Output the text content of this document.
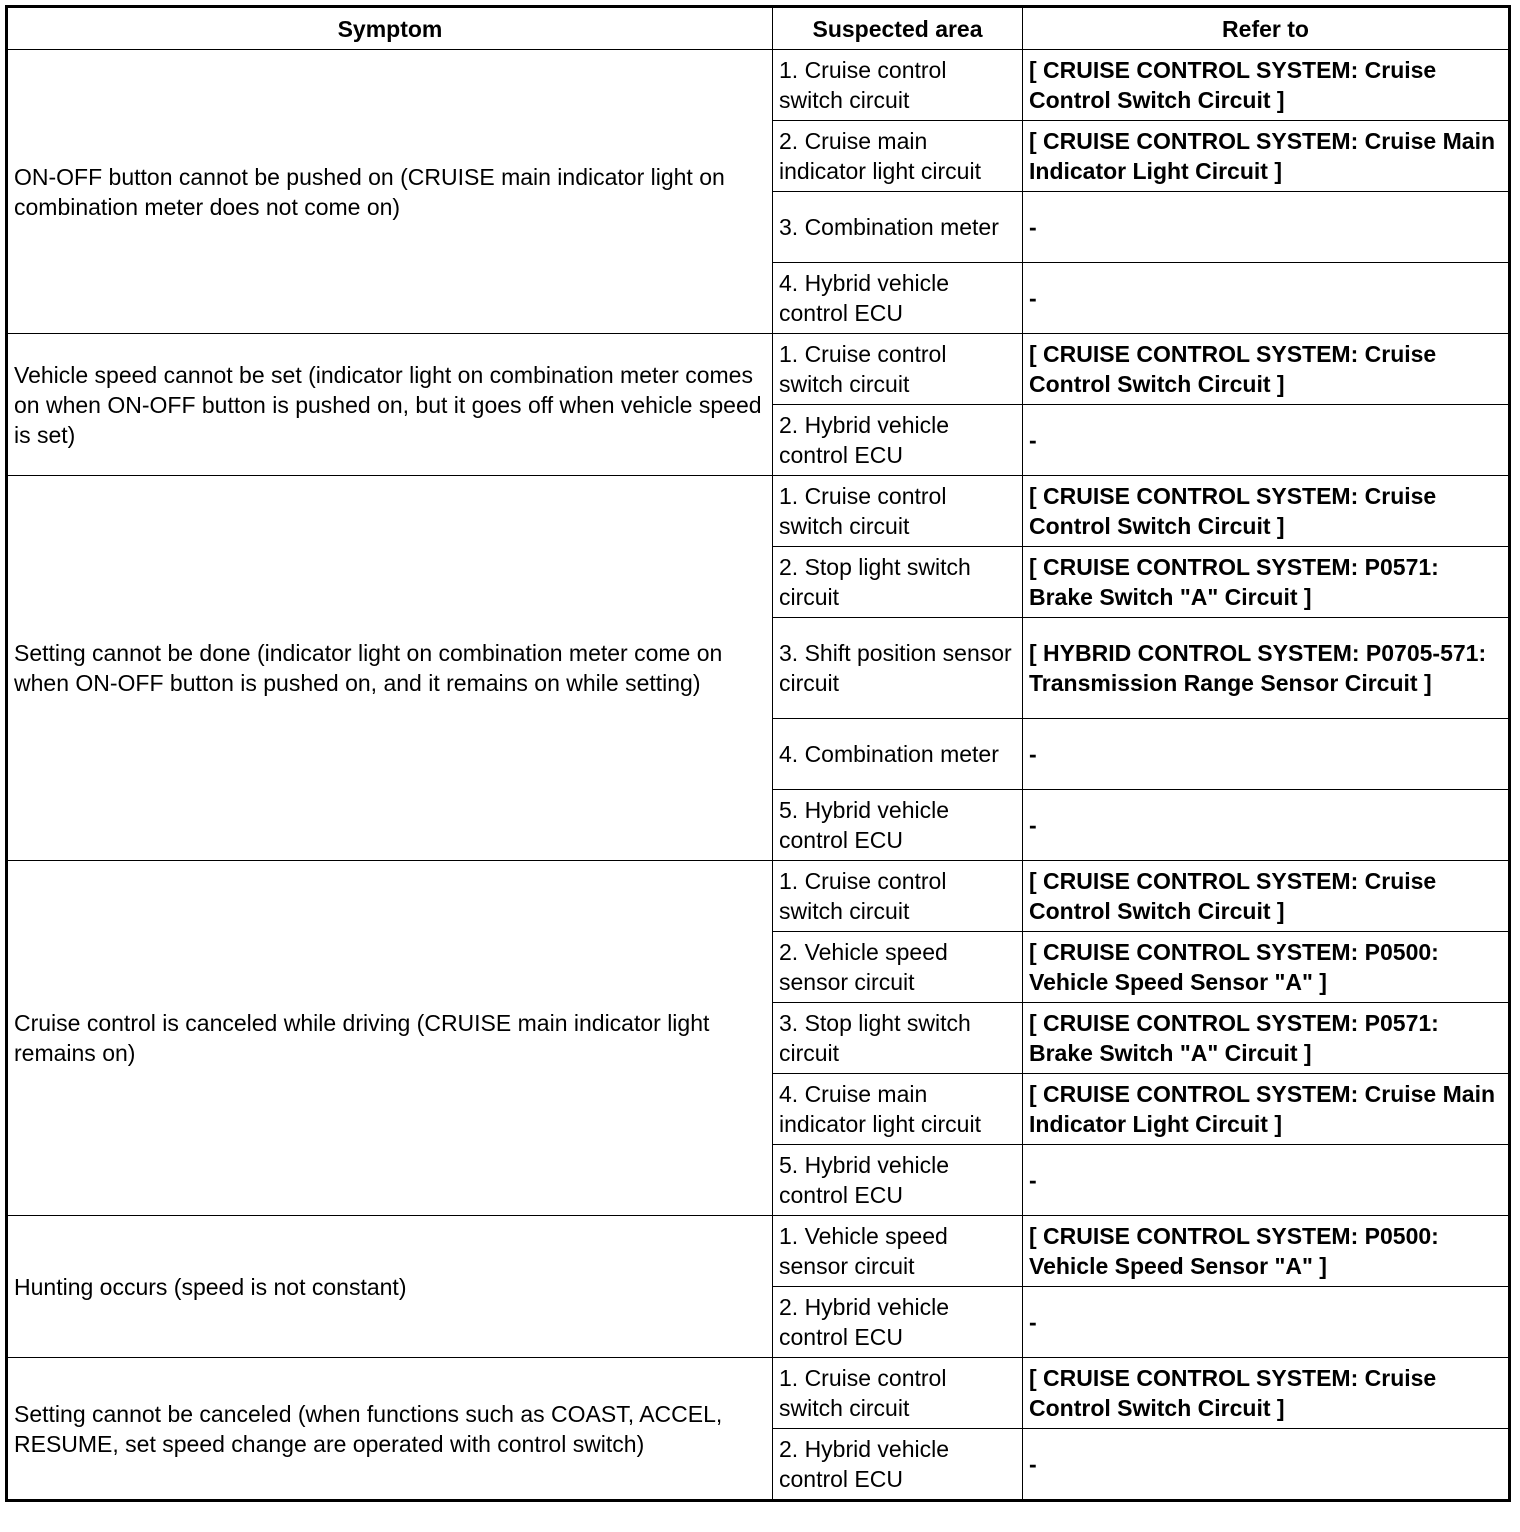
Symptom	Suspected area	Refer to
ON-OFF button cannot be pushed on (CRUISE main indicator light on combination meter does not come on)	1. Cruise control switch circuit	[ CRUISE CONTROL SYSTEM: Cruise Control Switch Circuit ]
	2. Cruise main indicator light circuit	[ CRUISE CONTROL SYSTEM: Cruise Main Indicator Light Circuit ]
	3. Combination meter	-
	4. Hybrid vehicle control ECU	-
Vehicle speed cannot be set (indicator light on combination meter comes on when ON-OFF button is pushed on, but it goes off when vehicle speed is set)	1. Cruise control switch circuit	[ CRUISE CONTROL SYSTEM: Cruise Control Switch Circuit ]
	2. Hybrid vehicle control ECU	-
Setting cannot be done (indicator light on combination meter come on when ON-OFF button is pushed on, and it remains on while setting)	1. Cruise control switch circuit	[ CRUISE CONTROL SYSTEM: Cruise Control Switch Circuit ]
	2. Stop light switch circuit	[ CRUISE CONTROL SYSTEM: P0571: Brake Switch "A" Circuit ]
	3. Shift position sensor circuit	[ HYBRID CONTROL SYSTEM: P0705-571: Transmission Range Sensor Circuit ]
	4. Combination meter	-
	5. Hybrid vehicle control ECU	-
Cruise control is canceled while driving (CRUISE main indicator light remains on)	1. Cruise control switch circuit	[ CRUISE CONTROL SYSTEM: Cruise Control Switch Circuit ]
	2. Vehicle speed sensor circuit	[ CRUISE CONTROL SYSTEM: P0500: Vehicle Speed Sensor "A" ]
	3. Stop light switch circuit	[ CRUISE CONTROL SYSTEM: P0571: Brake Switch "A" Circuit ]
	4. Cruise main indicator light circuit	[ CRUISE CONTROL SYSTEM: Cruise Main Indicator Light Circuit ]
	5. Hybrid vehicle control ECU	-
Hunting occurs (speed is not constant)	1. Vehicle speed sensor circuit	[ CRUISE CONTROL SYSTEM: P0500: Vehicle Speed Sensor "A" ]
	2. Hybrid vehicle control ECU	-
Setting cannot be canceled (when functions such as COAST, ACCEL, RESUME, set speed change are operated with control switch)	1. Cruise control switch circuit	[ CRUISE CONTROL SYSTEM: Cruise Control Switch Circuit ]
	2. Hybrid vehicle control ECU	-
